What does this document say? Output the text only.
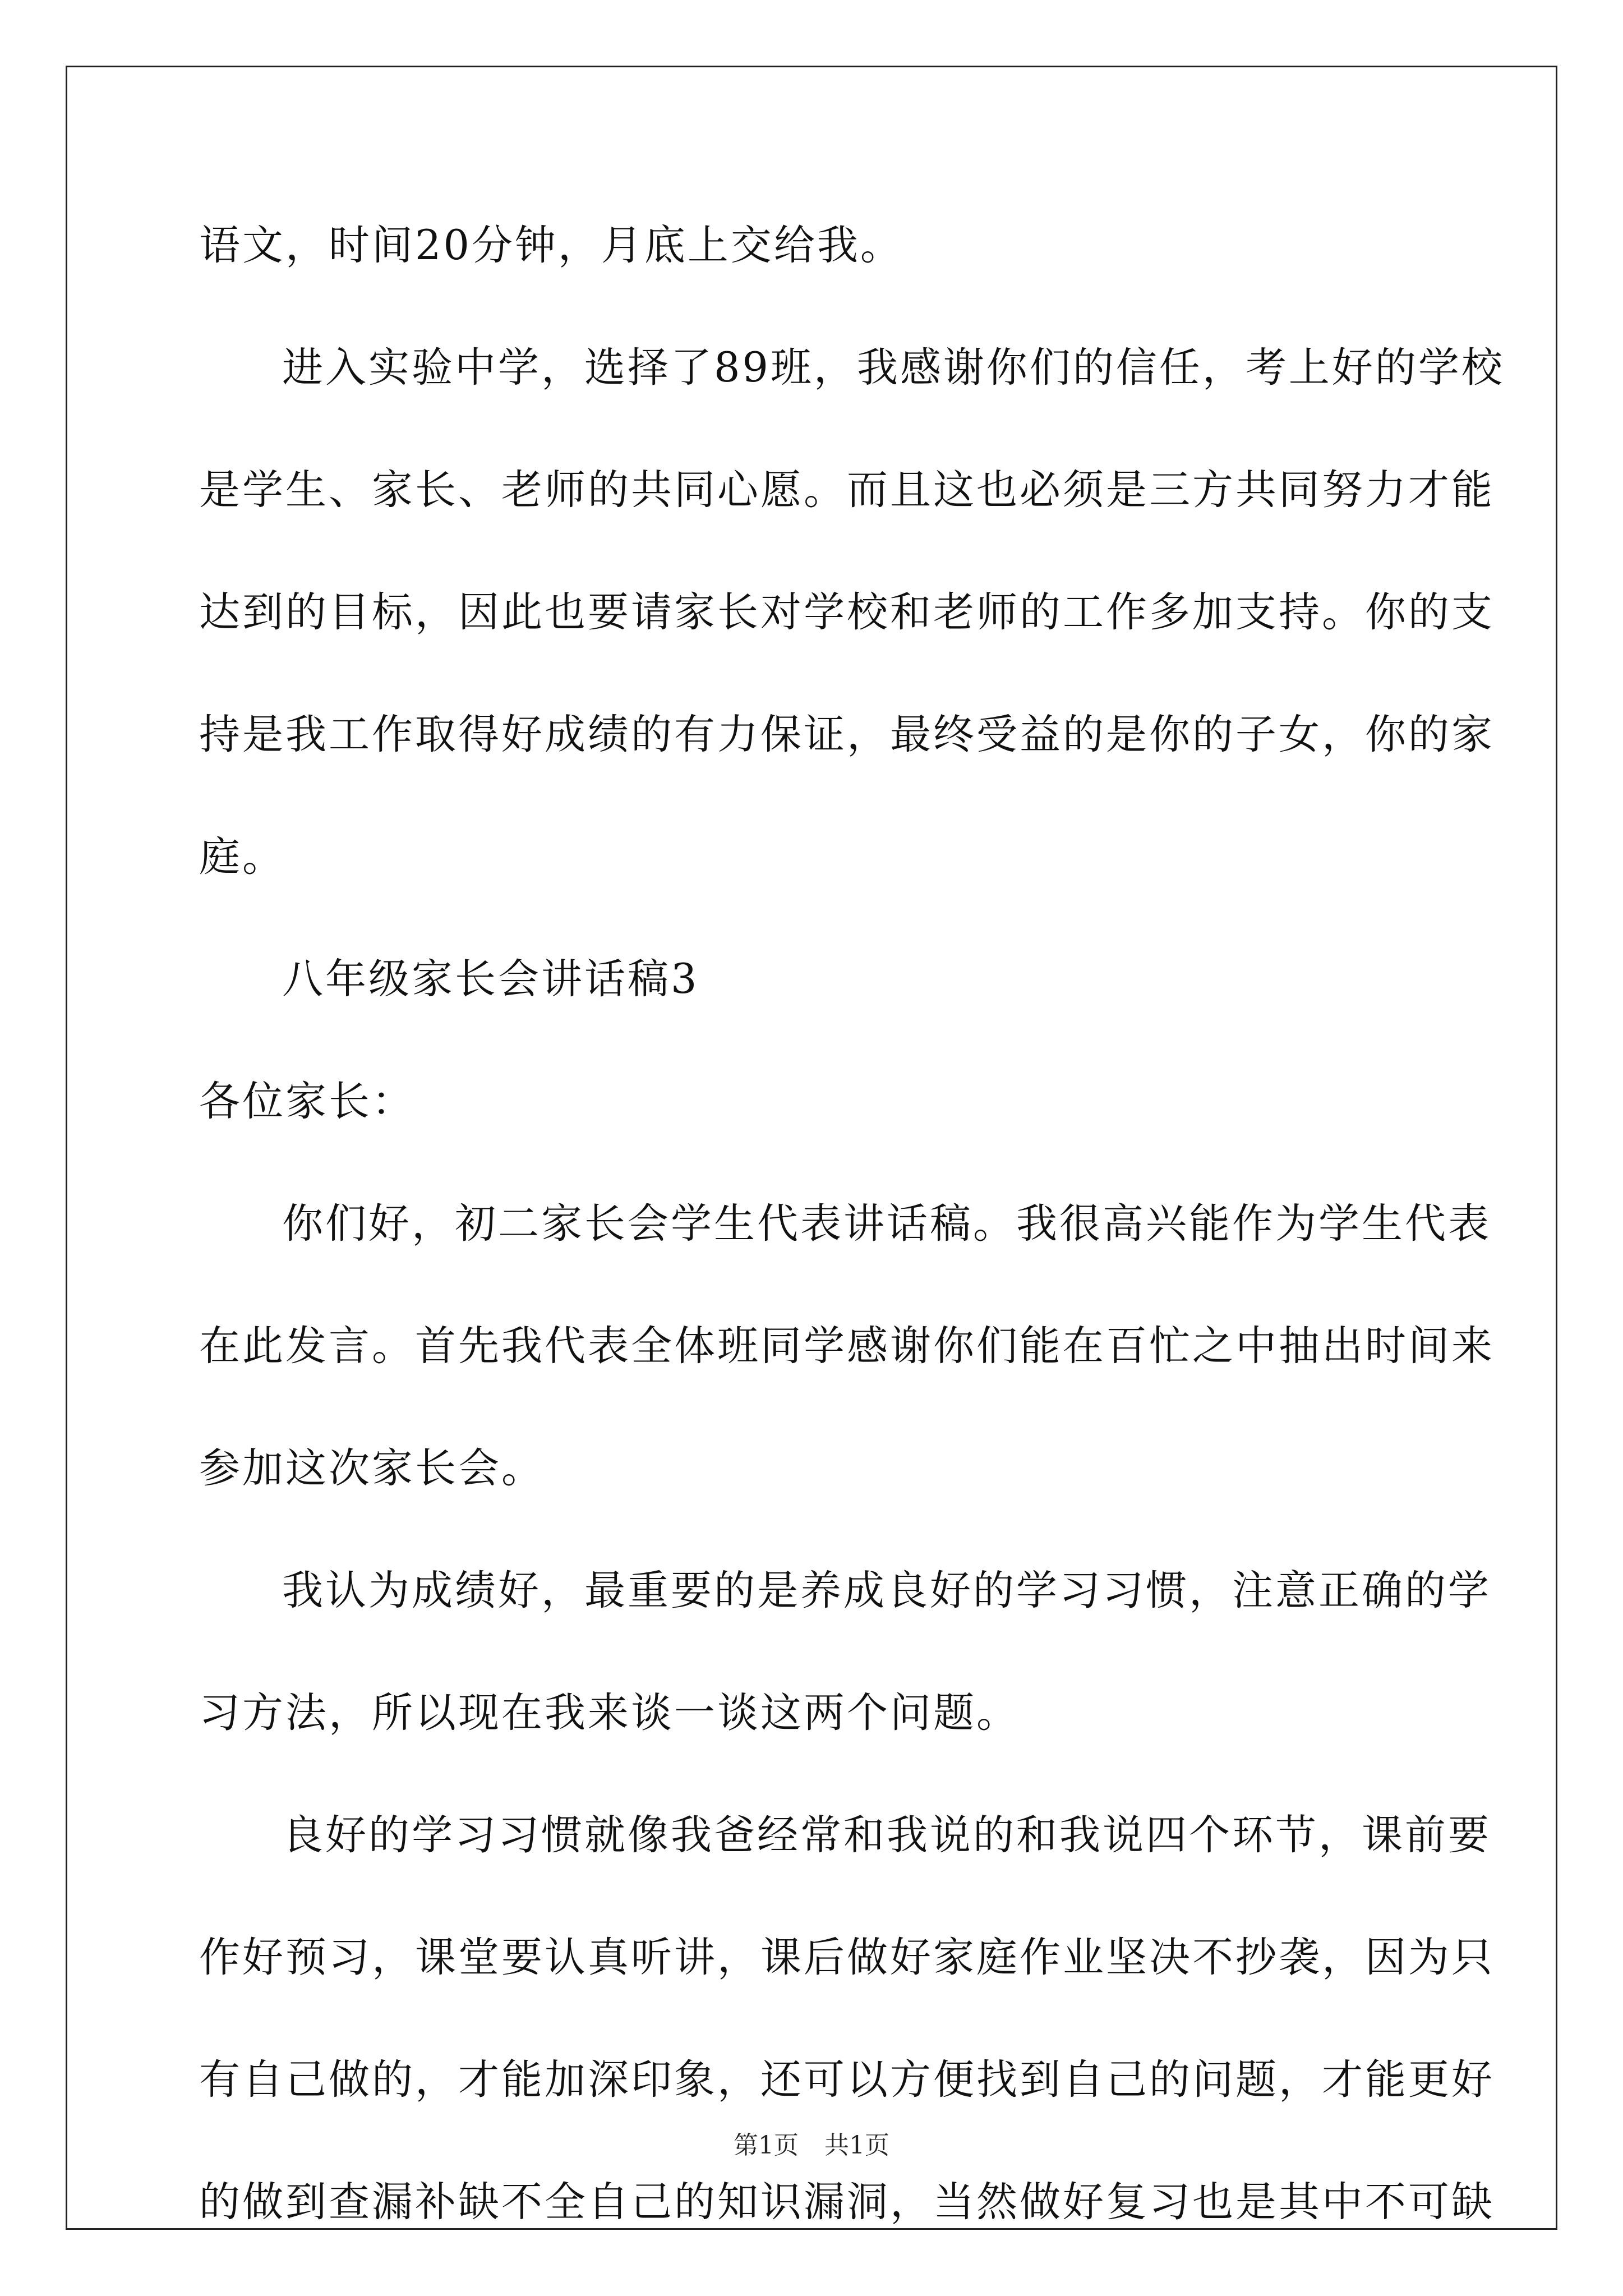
语文，时间20分钟，月底上交给我。

进入实验中学，选择了89班，我感谢你们的信任，考上好的学校

是学生、家长、老师的共同心愿。而且这也必须是三方共同努力才能

达到的目标，因此也要请家长对学校和老师的工作多加支持。你的支

持是我工作取得好成绩的有力保证，最终受益的是你的子女，你的家

庭。

八年级家长会讲话稿3

各位家长：

你们好，初二家长会学生代表讲话稿。我很高兴能作为学生代表

在此发言。首先我代表全体班同学感谢你们能在百忙之中抽出时间来

参加这次家长会。

我认为成绩好，最重要的是养成良好的学习习惯，注意正确的学

习方法，所以现在我来谈一谈这两个问题。

良好的学习习惯就像我爸经常和我说的和我说四个环节，课前要

作好预习，课堂要认真听讲，课后做好家庭作业坚决不抄袭，因为只

有自己做的，才能加深印象，还可以方便找到自己的问题，才能更好

的做到查漏补缺不全自己的知识漏洞，当然做好复习也是其中不可缺

第1页 共1页
